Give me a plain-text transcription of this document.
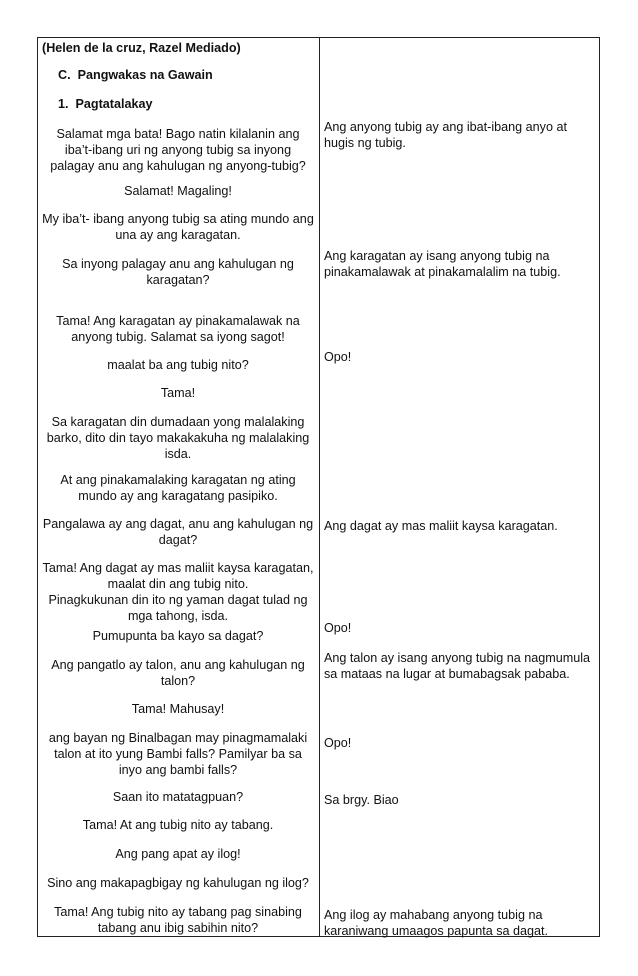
(Helen de la cruz, Razel Mediado)

C. Pangwakas na Gawain

1. Pagtatalakay

Salamat mga bata! Bago natin kilalanin ang iba’t-ibang uri ng anyong tubig sa inyong palagay anu ang kahulugan ng anyong-tubig?

Salamat! Magaling!

My iba’t- ibang anyong tubig sa ating mundo ang una ay ang karagatan.

Sa inyong palagay anu ang kahulugan ng karagatan?

Tama! Ang karagatan ay pinakamalawak na anyong tubig. Salamat sa iyong sagot!

maalat ba ang tubig nito?

Tama!

Sa karagatan din dumadaan yong malalaking barko, dito din tayo makakakuha ng malalaking isda.

At ang pinakamalaking karagatan ng ating mundo ay ang karagatang pasipiko.

Pangalawa ay ang dagat, anu ang kahulugan ng dagat?

Tama! Ang dagat ay mas maliit kaysa karagatan, maalat din ang tubig nito.

Pinagkukunan din ito ng yaman dagat tulad ng mga tahong, isda.

Pumupunta ba kayo sa dagat?

Ang pangatlo ay talon, anu ang kahulugan ng talon?

Tama! Mahusay!

ang bayan ng Binalbagan may pinagmamalaki talon at ito yung Bambi falls? Pamilyar ba sa inyo ang bambi falls?

Saan ito matatagpuan?

Tama! At ang tubig nito ay tabang.

Ang pang apat ay ilog!

Sino ang makapagbigay ng kahulugan ng ilog?

Tama! Ang tubig nito ay tabang pag sinabing tabang anu ibig sabihin nito?

Ang anyong tubig ay ang ibat-ibang anyo at hugis ng tubig.

Ang karagatan ay isang anyong tubig na pinakamalawak at pinakamalalim na tubig.

Opo!

Ang dagat ay mas maliit kaysa karagatan.

Opo!

Ang talon ay isang anyong tubig na nagmumula sa mataas na lugar at bumabagsak pababa.

Opo!

Sa brgy. Biao

Ang ilog ay mahabang anyong tubig na karaniwang umaagos papunta sa dagat.
